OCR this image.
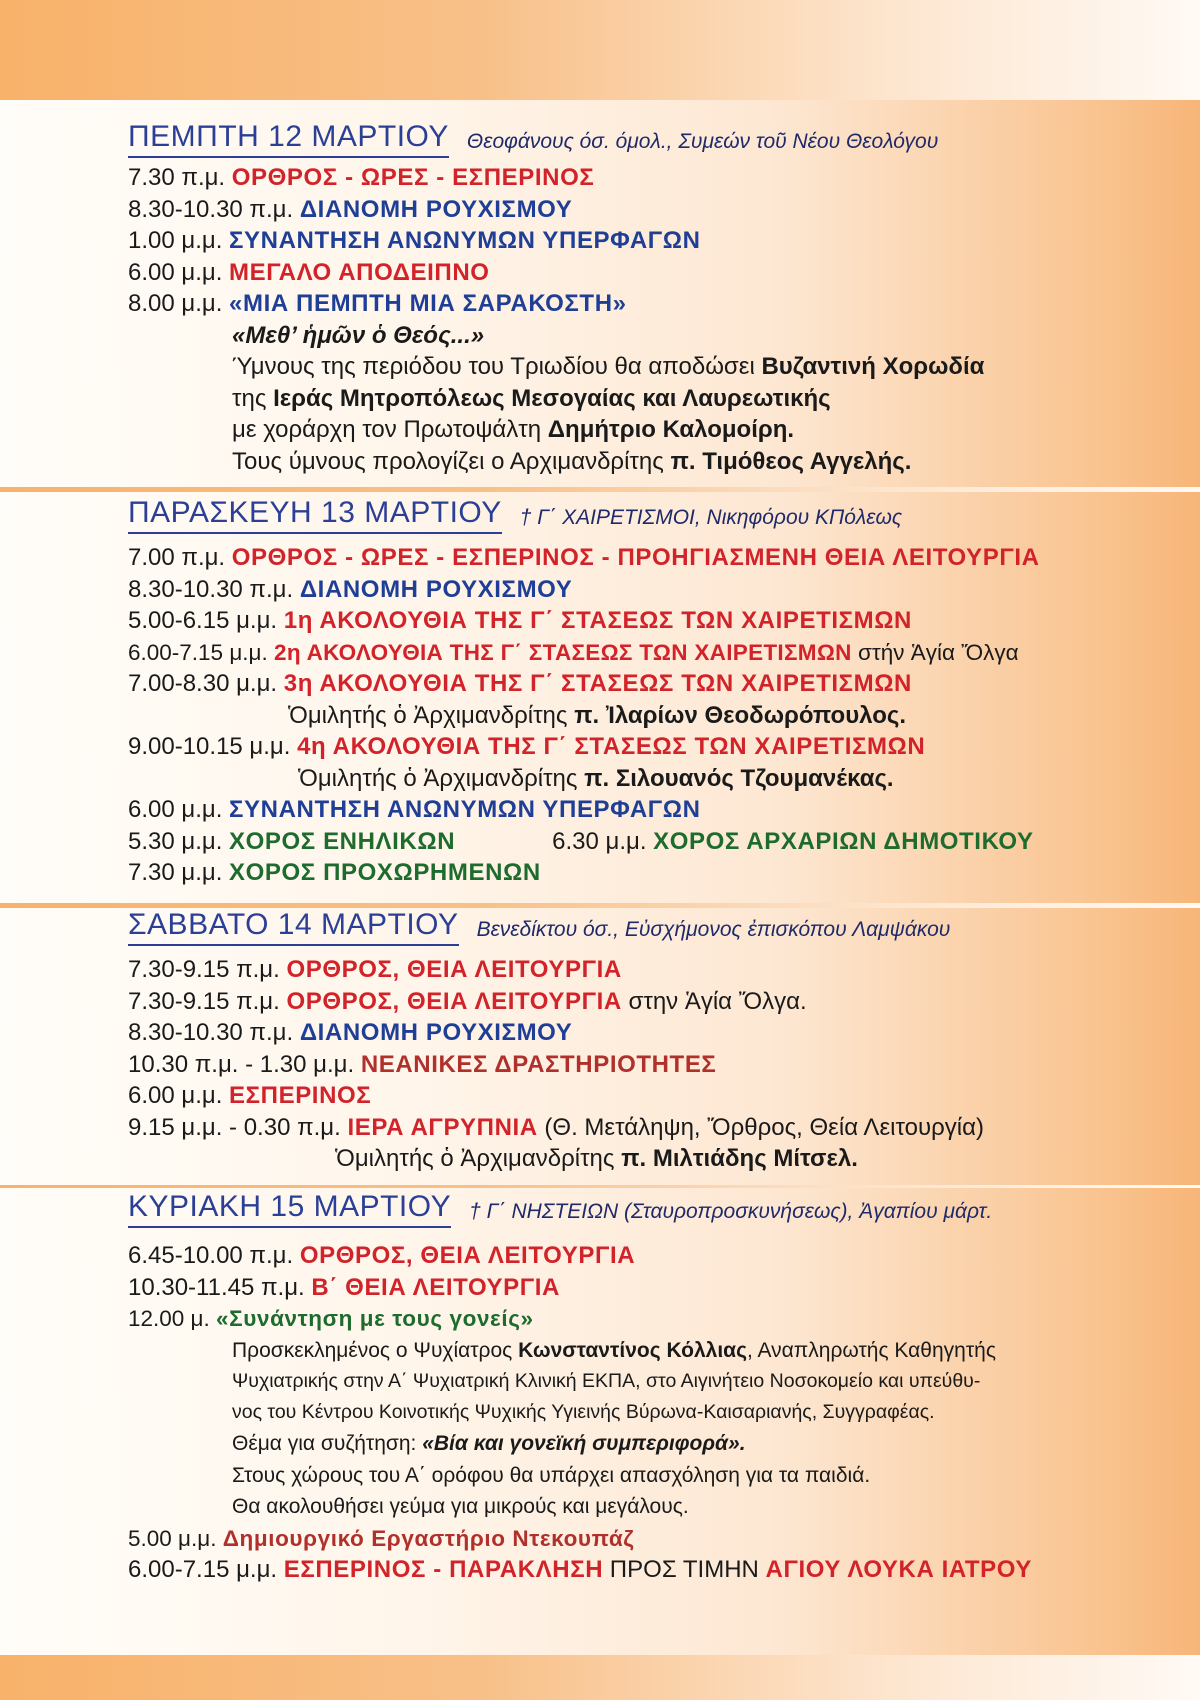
ΠΕΜΠΤΗ 12 ΜΑΡΤΙΟΥ Θεοφάνους όσ. όμολ., Συμεών τοῦ Νέου Θεολόγου
7.30 π.μ. ΟΡΘΡΟΣ - ΩΡΕΣ - ΕΣΠΕΡΙΝΟΣ
8.30-10.30 π.μ. ΔΙΑΝΟΜΗ ΡΟΥΧΙΣΜΟΥ
1.00 μ.μ. ΣΥΝΑΝΤΗΣΗ ΑΝΩΝΥΜΩΝ ΥΠΕΡΦΑΓΩΝ
6.00 μ.μ. ΜΕΓΑΛΟ ΑΠΟΔΕΙΠΝΟ
8.00 μ.μ. «ΜΙΑ ΠΕΜΠΤΗ ΜΙΑ ΣΑΡΑΚΟΣΤΗ»
«Μεθ’ ἡμῶν ὁ Θεός...»
Ύμνους της περιόδου του Τριωδίου θα αποδώσει Βυζαντινή Χορωδία
της Ιεράς Μητροπόλεως Μεσογαίας και Λαυρεωτικής
με χοράρχη τον Πρωτοψάλτη Δημήτριο Καλομοίρη.
Τους ύμνους προλογίζει ο Αρχιμανδρίτης π. Τιμόθεος Αγγελής.
ΠΑΡΑΣΚΕΥΗ 13 ΜΑΡΤΙΟΥ † Γ΄ ΧΑΙΡΕΤΙΣΜΟΙ, Νικηφόρου ΚΠόλεως
7.00 π.μ. ΟΡΘΡΟΣ - ΩΡΕΣ - ΕΣΠΕΡΙΝΟΣ - ΠΡΟΗΓΙΑΣΜΕΝΗ ΘΕΙΑ ΛΕΙΤΟΥΡΓΙΑ
8.30-10.30 π.μ. ΔΙΑΝΟΜΗ ΡΟΥΧΙΣΜΟΥ
5.00-6.15 μ.μ. 1η ΑΚΟΛΟΥΘΙΑ ΤΗΣ Γ΄ ΣΤΑΣΕΩΣ ΤΩΝ ΧΑΙΡΕΤΙΣΜΩΝ
6.00-7.15 μ.μ. 2η ΑΚΟΛΟΥΘΙΑ ΤΗΣ Γ΄ ΣΤΑΣΕΩΣ ΤΩΝ ΧΑΙΡΕΤΙΣΜΩΝ στήν Ἁγία Ὄλγα
7.00-8.30 μ.μ. 3η ΑΚΟΛΟΥΘΙΑ ΤΗΣ Γ΄ ΣΤΑΣΕΩΣ ΤΩΝ ΧΑΙΡΕΤΙΣΜΩΝ
Ὁμιλητής ὁ Ἀρχιμανδρίτης π. Ἰλαρίων Θεοδωρόπουλος.
9.00-10.15 μ.μ. 4η ΑΚΟΛΟΥΘΙΑ ΤΗΣ Γ΄ ΣΤΑΣΕΩΣ ΤΩΝ ΧΑΙΡΕΤΙΣΜΩΝ
Ὁμιλητής ὁ Ἀρχιμανδρίτης π. Σιλουανός Τζουμανέκας.
6.00 μ.μ. ΣΥΝΑΝΤΗΣΗ ΑΝΩΝΥΜΩΝ ΥΠΕΡΦΑΓΩΝ
5.30 μ.μ. ΧΟΡΟΣ ΕΝΗΛΙΚΩΝ	6.30 μ.μ. ΧΟΡΟΣ ΑΡΧΑΡΙΩΝ ΔΗΜΟΤΙΚΟΥ
7.30 μ.μ. ΧΟΡΟΣ ΠΡΟΧΩΡΗΜΕΝΩΝ
ΣΑΒΒΑΤΟ 14 ΜΑΡΤΙΟΥ Βενεδίκτου όσ., Εὐσχήμονος ἐπισκόπου Λαμψάκου
7.30-9.15 π.μ. ΟΡΘΡΟΣ, ΘΕΙΑ ΛΕΙΤΟΥΡΓΙΑ
7.30-9.15 π.μ. ΟΡΘΡΟΣ, ΘΕΙΑ ΛΕΙΤΟΥΡΓΙΑ στην Ἁγία Ὄλγα.
8.30-10.30 π.μ. ΔΙΑΝΟΜΗ ΡΟΥΧΙΣΜΟΥ
10.30 π.μ. - 1.30 μ.μ. ΝΕΑΝΙΚΕΣ ΔΡΑΣΤΗΡΙΟΤΗΤΕΣ
6.00 μ.μ. ΕΣΠΕΡΙΝΟΣ
9.15 μ.μ. - 0.30 π.μ. ΙΕΡΑ ΑΓΡΥΠΝΙΑ (Θ. Μετάληψη, Ὄρθρος, Θεία Λειτουργία)
Ὁμιλητής ὁ Ἀρχιμανδρίτης π. Μιλτιάδης Μίτσελ.
ΚΥΡΙΑΚΗ 15 ΜΑΡΤΙΟΥ † Γ΄ ΝΗΣΤΕΙΩΝ (Σταυροπροσκυνήσεως), Ἀγαπίου μάρτ.
6.45-10.00 π.μ. ΟΡΘΡΟΣ, ΘΕΙΑ ΛΕΙΤΟΥΡΓΙΑ
10.30-11.45 π.μ. Β΄ ΘΕΙΑ ΛΕΙΤΟΥΡΓΙΑ
12.00 μ. «Συνάντηση με τους γονείς»
Προσκεκλημένος ο Ψυχίατρος Κωνσταντίνος Κόλλιας, Αναπληρωτής Καθηγητής
Ψυχιατρικής στην Α΄ Ψυχιατρική Κλινική ΕΚΠΑ, στο Αιγινήτειο Νοσοκομείο και υπεύθυ-
νος του Κέντρου Κοινοτικής Ψυχικής Υγιεινής Βύρωνα-Καισαριανής, Συγγραφέας.
Θέμα για συζήτηση: «Βία και γονεϊκή συμπεριφορά».
Στους χώρους του Α΄ ορόφου θα υπάρχει απασχόληση για τα παιδιά.
Θα ακολουθήσει γεύμα για μικρούς και μεγάλους.
5.00 μ.μ. Δημιουργικό Εργαστήριο Ντεκουπάζ
6.00-7.15 μ.μ. ΕΣΠΕΡΙΝΟΣ - ΠΑΡΑΚΛΗΣΗ ΠΡΟΣ ΤΙΜΗΝ ΑΓΙΟΥ ΛΟΥΚΑ ΙΑΤΡΟΥ
